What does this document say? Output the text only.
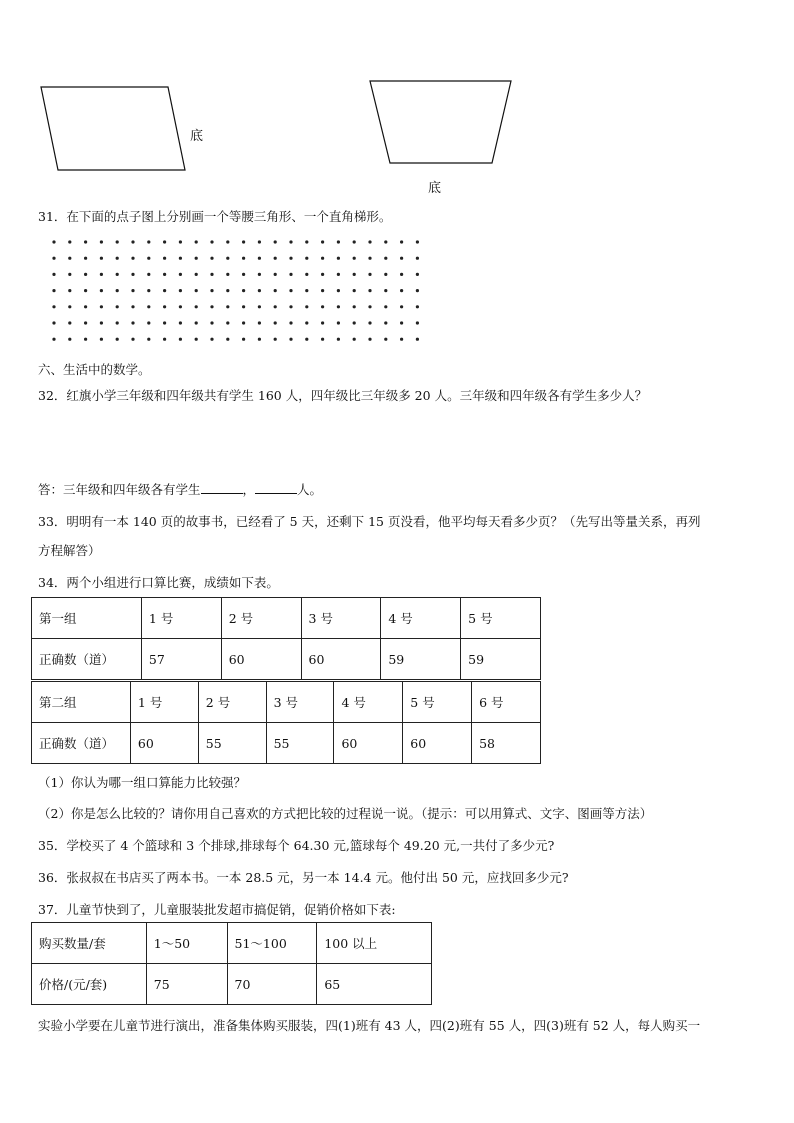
底
底
31．在下面的点子图上分别画一个等腰三角形、一个直角梯形。
六、生活中的数学。
32．红旗小学三年级和四年级共有学生 160 人，四年级比三年级多 20 人。三年级和四年级各有学生多少人？
答：三年级和四年级各有学生	，	人。
33．明明有一本 140 页的故事书，已经看了 5 天，还剩下 15 页没看，他平均每天看多少页？（先写出等量关系，再列
方程解答）
34．两个小组进行口算比赛，成绩如下表。
第一组	1 号	2 号	3 号	4 号	5 号
正确数（道）	57	60	60	59	59
第二组	1 号	2 号	3 号	4 号	5 号	6 号
正确数（道）	60	55	55	60	60	58
（1）你认为哪一组口算能力比较强？
（2）你是怎么比较的？请你用自己喜欢的方式把比较的过程说一说。（提示：可以用算式、文字、图画等方法）
35．学校买了 4 个篮球和 3 个排球,排球每个 64.30 元,篮球每个 49.20 元,一共付了多少元?
36．张叔叔在书店买了两本书。一本 28.5 元，另一本 14.4 元。他付出 50 元，应找回多少元?
37．儿童节快到了，儿童服装批发超市搞促销，促销价格如下表:
购买数量/套	1～50	51～100	100 以上
价格/(元/套)	75	70	65
实验小学要在儿童节进行演出，准备集体购买服装，四(1)班有 43 人，四(2)班有 55 人，四(3)班有 52 人，每人购买一
